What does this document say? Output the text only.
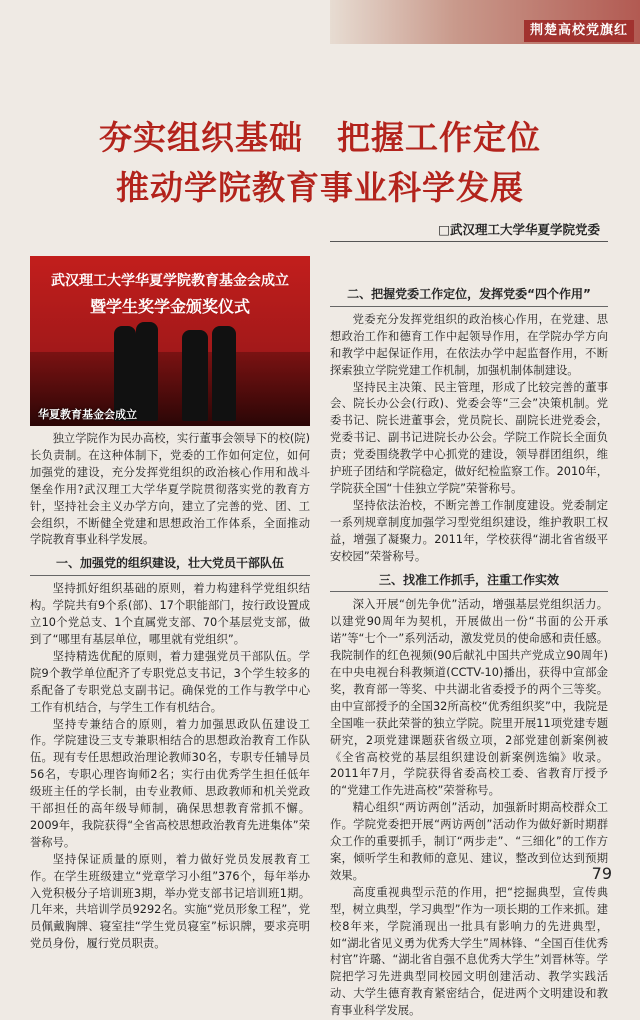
荆楚高校党旗红
夯实组织基础　把握工作定位
推动学院教育事业科学发展
□武汉理工大学华夏学院党委
武汉理工大学华夏学院教育基金会成立
暨学生奖学金颁奖仪式
华夏教育基金会成立

独立学院作为民办高校，实行董事会领导下的校(院)长负责制。在这种体制下，党委的工作如何定位，如何加强党的建设，充分发挥党组织的政治核心作用和战斗堡垒作用?武汉理工大学华夏学院贯彻落实党的教育方针，坚持社会主义办学方向，建立了完善的党、团、工会组织，不断健全党建和思想政治工作体系，全面推动学院教育事业科学发展。

一、加强党的组织建设，壮大党员干部队伍

坚持抓好组织基础的原则，着力构建科学党组织结构。学院共有9个系(部)、17个职能部门，按行政设置成立10个党总支、1个直属党支部、70个基层党支部，做到了“哪里有基层单位，哪里就有党组织”。

坚持精选优配的原则，着力建强党员干部队伍。学院9个教学单位配齐了专职党总支书记，3个学生较多的系配备了专职党总支副书记。确保党的工作与教学中心工作有机结合，与学生工作有机结合。

坚持专兼结合的原则，着力加强思政队伍建设工作。学院建设三支专兼职相结合的思想政治教育工作队伍。现有专任思想政治理论教师30名，专职专任辅导员56名，专职心理咨询师2名；实行由优秀学生担任低年级班主任的学长制，由专业教师、思政教师和机关党政干部担任的高年级导师制，确保思想教育常抓不懈。2009年，我院获得“全省高校思想政治教育先进集体”荣誉称号。

坚持保证质量的原则，着力做好党员发展教育工作。在学生班级建立“党章学习小组”376个，每年举办入党积极分子培训班3期，举办党支部书记培训班1期。几年来，共培训学员9292名。实施“党员形象工程”，党员佩戴胸牌、寝室挂“学生党员寝室”标识牌，要求亮明党员身份，履行党员职责。

二、把握党委工作定位，发挥党委“四个作用”

党委充分发挥党组织的政治核心作用，在党建、思想政治工作和德育工作中起领导作用，在学院办学方向和教学中起保证作用，在依法办学中起监督作用，不断探索独立学院党建工作机制，加强机制体制建设。

坚持民主决策、民主管理，形成了比较完善的董事会、院长办公会(行政)、党委会等“三会”决策机制。党委书记、院长进董事会，党员院长、副院长进党委会，党委书记、副书记进院长办公会。学院工作院长全面负责；党委围绕教学中心抓党的建设，领导群团组织，维护班子团结和学院稳定，做好纪检监察工作。2010年，学院获全国“十佳独立学院”荣誉称号。

坚持依法治校，不断完善工作制度建设。党委制定一系列规章制度加强学习型党组织建设，维护教职工权益，增强了凝聚力。2011年，学校获得“湖北省省级平安校园”荣誉称号。

三、找准工作抓手，注重工作实效

深入开展“创先争优”活动，增强基层党组织活力。以建党90周年为契机，开展做出一份“书面的公开承诺”等“七个一”系列活动，激发党员的使命感和责任感。我院制作的红色视频(90后献礼中国共产党成立90周年)在中央电视台科教频道(CCTV-10)播出，获得中宣部金奖，教育部一等奖、中共湖北省委授予的两个三等奖。由中宣部授予的全国32所高校“优秀组织奖”中，我院是全国唯一获此荣誉的独立学院。院里开展11项党建专题研究，2项党建课题获省级立项，2部党建创新案例被《全省高校党的基层组织建设创新案例选编》收录。2011年7月，学院获得省委高校工委、省教育厅授予的“党建工作先进高校”荣誉称号。

精心组织“两访两创”活动，加强新时期高校群众工作。学院党委把开展“两访两创”活动作为做好新时期群众工作的重要抓手，制订“两步走”、“三细化”的工作方案，倾听学生和教师的意见、建议，整改到位达到预期效果。

高度重视典型示范的作用，把“挖掘典型，宣传典型，树立典型，学习典型”作为一项长期的工作来抓。建校8年来，学院涌现出一批具有影响力的先进典型，如“湖北省见义勇为优秀大学生”周林锋、“全国百佳优秀村官”许璐、“湖北省自强不息优秀大学生”刘晋林等。学院把学习先进典型同校园文明创建活动、教学实践活动、大学生德育教育紧密结合，促进两个文明建设和教育事业科学发展。

79
